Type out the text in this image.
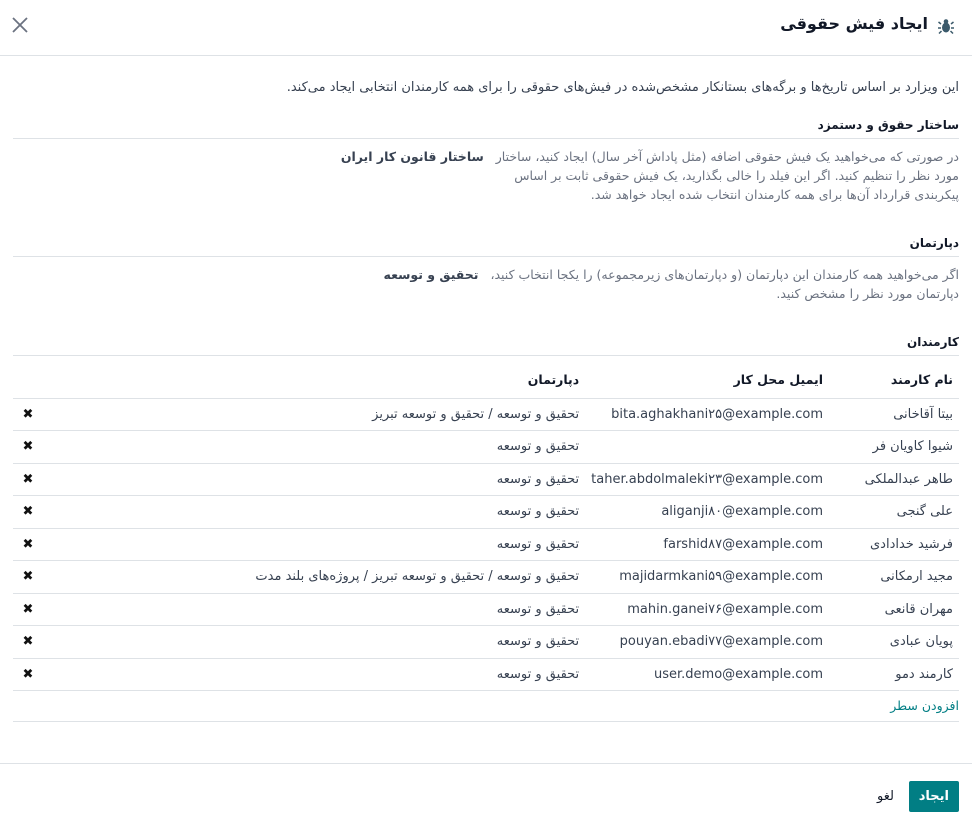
ایجاد فیش حقوقی
این ویزارد بر اساس تاریخ‌ها و برگه‌های بستانکار مشخص‌شده در فیش‌های حقوقی را برای همه کارمندان انتخابی ایجاد می‌کند.
ساختار حقوق و دستمزد
در صورتی که می‌خواهید یک فیش حقوقی اضافه (مثل پاداش آخر سال) ایجاد کنید، ساختار   ساختار قانون کار ایران
مورد نظر را تنظیم کنید. اگر این فیلد را خالی بگذارید، یک فیش حقوقی ثابت بر اساس
پیکربندی قرارداد آن‌ها برای همه کارمندان انتخاب شده ایجاد خواهد شد.
دپارتمان
اگر می‌خواهید همه کارمندان این دپارتمان (و دپارتمان‌های زیرمجموعه) را یکجا انتخاب کنید،   تحقیق و توسعه
دپارتمان مورد نظر را مشخص کنید.
کارمندان
نام کارمند	ایمیل محل کار	دپارتمان	
بیتا آقاخانی	bita.aghakhani۲۵@example.com	تحقیق و توسعه / تحقیق و توسعه تبریز	✖
شیوا کاویان فر		تحقیق و توسعه	✖
طاهر عبدالملکی	taher.abdolmaleki۲۳@example.com	تحقیق و توسعه	✖
علی گنجی	aliganji۸۰@example.com	تحقیق و توسعه	✖
فرشید خدادادی	farshid۸۷@example.com	تحقیق و توسعه	✖
مجید ارمکانی	majidarmkani۵۹@example.com	تحقیق و توسعه / تحقیق و توسعه تبریز / پروژه‌های بلند مدت	✖
مهران قانعی	mahin.ganei۷۶@example.com	تحقیق و توسعه	✖
پویان عبادی	pouyan.ebadi۷۷@example.com	تحقیق و توسعه	✖
کارمند دمو	user.demo@example.com	تحقیق و توسعه	✖
افزودن سطر
ایجاد
لغو
